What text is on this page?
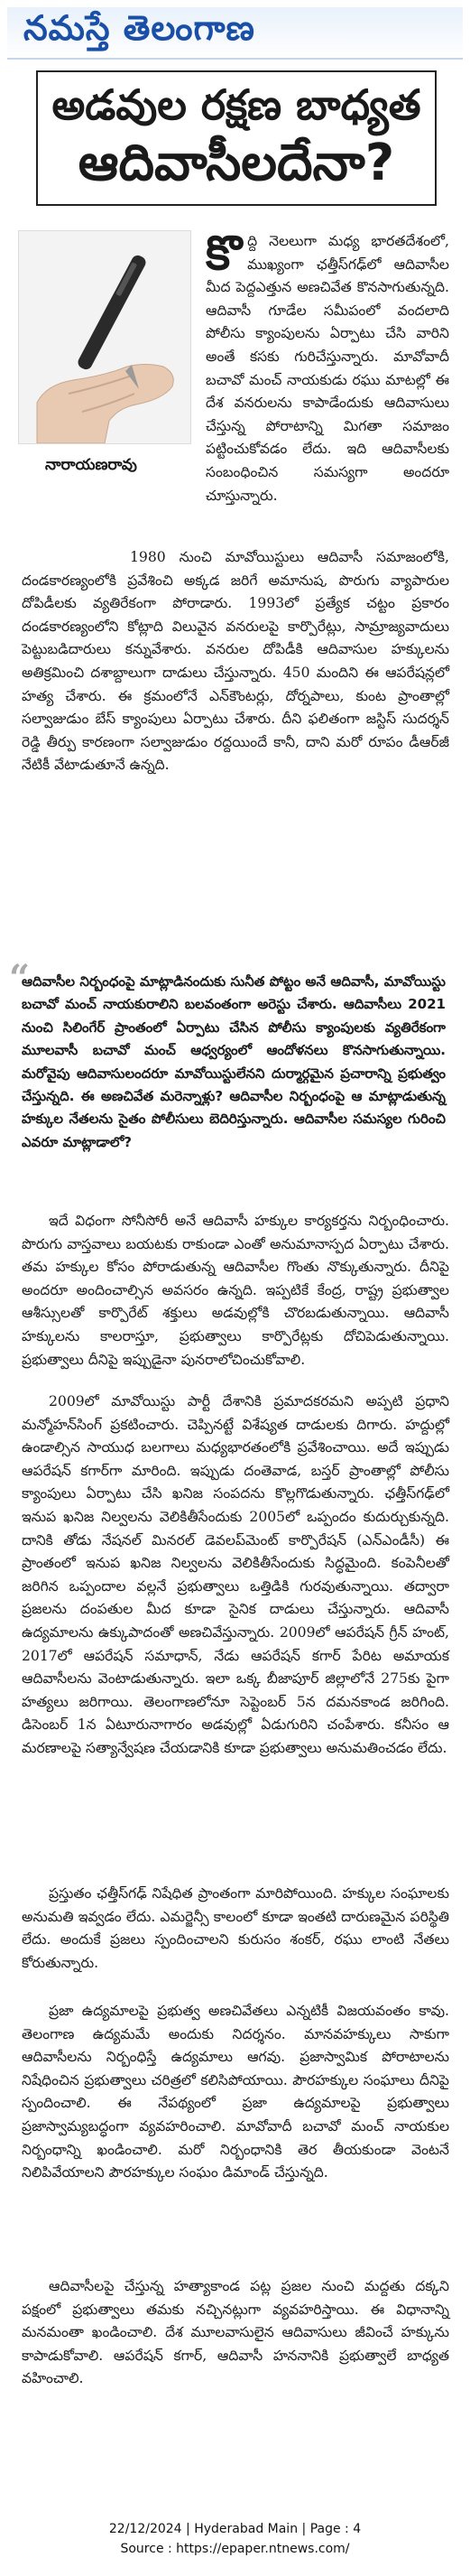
నమస్తే తెలంగాణ
అడవుల రక్షణ బాధ్యత
ఆదివాసీలదేనా?
నారాయణరావు

కొద్ది నెలలుగా మధ్య భారతదేశంలో, ముఖ్యంగా ఛత్తీస్‌గఢ్‌లో ఆదివాసీల మీద పెద్దఎత్తున అణచివేత కొనసాగుతున్నది. ఆదివాసీ గూడేల సమీపంలో వందలాది పోలీసు క్యాంపులను ఏర్పాటు చేసి వారిని అంతే కసకు గురిచేస్తున్నారు. మావోవాదీ బచావో మంచ్ నాయకుడు రఘు మాటల్లో ఈ దేశ వనరులను కాపాడేందుకు ఆదివాసులు చేస్తున్న పోరాటాన్ని మిగతా సమాజం పట్టించుకోవడం లేదు. ఇది ఆదివాసీలకు సంబంధించిన సమస్యగా అందరూ చూస్తున్నారు.

1980 నుంచి మావోయిస్టులు ఆదివాసీ సమాజంలోకి, దండకారణ్యంలోకి ప్రవేశించి అక్కడ జరిగే అమానుష, పొరుగు వ్యాపారుల దోపిడీలకు వ్యతిరేకంగా పోరాడారు. 1993లో ప్రత్యేక చట్టం ప్రకారం దండకారణ్యంలోని కోట్లాది విలువైన వనరులపై కార్పొరేట్లు, సామ్రాజ్యవాదులు పెట్టుబడిదారులు కన్నువేశారు. వనరుల దోపిడీకి ఆదివాసుల హక్కులను అతిక్రమించి దశాబ్దాలుగా దాడులు చేస్తున్నారు. 450 మందిని ఈ ఆపరేషన్లలో హత్య చేశారు. ఈ క్రమంలోనే ఎన్‌కౌంటర్లు, దోర్నపాలు, కుంట ప్రాంతాల్లో సల్వాజుడుం బేస్ క్యాంపులు ఏర్పాటు చేశారు. దీని ఫలితంగా జస్టిస్ సుదర్శన్ రెడ్డి తీర్పు కారణంగా సల్వాజుడుం రద్దయిందే కానీ, దాని మరో రూపం డీఆర్‌జీ నేటికీ వేటాడుతూనే ఉన్నది.

“
ఆదివాసీల నిర్బంధంపై మాట్లాడినందుకు సునీత పోట్టం అనే ఆదివాసీ, మావోయిస్టు బచావో మంచ్ నాయకురాలిని బలవంతంగా అరెస్టు చేశారు. ఆదివాసీలు 2021 నుంచి సిలింగేర్ ప్రాంతంలో ఏర్పాటు చేసిన పోలీసు క్యాంపులకు వ్యతిరేకంగా మూలవాసీ బచావో మంచ్ ఆధ్వర్యంలో ఆందోళనలు కొనసాగుతున్నాయి. మరోవైపు ఆదివాసులందరూ మావోయిస్టులేనని దుర్మార్గమైన ప్రచారాన్ని ప్రభుత్వం చేస్తున్నది. ఈ అణచివేత మరెన్నాళ్లు? ఆదివాసీల నిర్బంధంపై ఆ మాట్లాడుతున్న హక్కుల నేతలను సైతం పోలీసులు బెదిరిస్తున్నారు. ఆదివాసీల సమస్యల గురించి ఎవరూ మాట్లాడాలో?

ఇదే విధంగా సోనీసోరీ అనే ఆదివాసీ హక్కుల కార్యకర్తను నిర్బంధించారు. పొరుగు వాస్తవాలు బయటకు రాకుండా ఎంతో అనుమానాస్పద ఏర్పాటు చేశారు. తమ హక్కుల కోసం పోరాడుతున్న ఆదివాసీల గొంతు నొక్కుతున్నారు. దీనిపై అందరూ అందించాల్సిన అవసరం ఉన్నది. ఇప్పటికే కేంద్ర, రాష్ట్ర ప్రభుత్వాల ఆశీస్సులతో కార్పొరేట్ శక్తులు అడవుల్లోకి చొరబడుతున్నాయి. ఆదివాసీ హక్కులను కాలరాస్తూ, ప్రభుత్వాలు కార్పొరేట్లకు దోచిపెడుతున్నాయి. ప్రభుత్వాలు దీనిపై ఇప్పుడైనా పునరాలోచించుకోవాలి.

2009లో మావోయిస్టు పార్టీ దేశానికి ప్రమాదకరమని అప్పటి ప్రధాని మన్మోహన్‌సింగ్ ప్రకటించారు. చెప్పినట్టే విశేష్యత దాడులకు దిగారు. హద్దుల్లో ఉండాల్సిన సాయుధ బలగాలు మధ్యభారతంలోకి ప్రవేశించాయి. అదే ఇప్పుడు ఆపరేషన్ కగార్‌గా మారింది. ఇప్పుడు దంతెవాడ, బస్తర్ ప్రాంతాల్లో పోలీసు క్యాంపులు ఏర్పాటు చేసి ఖనిజ సంపదను కొల్లగొడుతున్నారు. ఛత్తీస్‌గఢ్‌లో ఇనుప ఖనిజ నిల్వలను వెలికితీసేందుకు 2005లో ఒప్పందం కుదుర్చుకున్నది. దానికి తోడు నేషనల్ మినరల్ డెవలప్‌మెంట్ కార్పొరేషన్ (ఎన్‌ఎండీసీ) ఈ ప్రాంతంలో ఇనుప ఖనిజ నిల్వలను వెలికితీసేందుకు సిద్ధమైంది. కంపెనీలతో జరిగిన ఒప్పందాల వల్లనే ప్రభుత్వాలు ఒత్తిడికి గురవుతున్నాయి. తద్వారా ప్రజలను దంపతుల మీద కూడా సైనిక దాడులు చేస్తున్నారు. ఆదివాసీ ఉద్యమాలను ఉక్కుపాదంతో అణచివేస్తున్నారు. 2009లో ఆపరేషన్ గ్రీన్ హంట్, 2017లో ఆపరేషన్ సమాధాన్, నేడు ఆపరేషన్ కగార్ పేరిట అమాయక ఆదివాసీలను వెంటాడుతున్నారు. ఇలా ఒక్క బీజాపూర్ జిల్లాలోనే 275కు పైగా హత్యలు జరిగాయి. తెలంగాణలోనూ సెప్టెంబర్ 5న దమనకాండ జరిగింది. డిసెంబర్ 1న ఏటూరునాగారం అడవుల్లో ఏడుగురిని చంపేశారు. కనీసం ఆ మరణాలపై సత్యాన్వేషణ చేయడానికి కూడా ప్రభుత్వాలు అనుమతించడం లేదు.

ప్రస్తుతం ఛత్తీస్‌గఢ్ నిషేధిత ప్రాంతంగా మారిపోయింది. హక్కుల సంఘాలకు అనుమతి ఇవ్వడం లేదు. ఎమర్జెన్సీ కాలంలో కూడా ఇంతటి దారుణమైన పరిస్థితి లేదు. అందుకే ప్రజలు స్పందించాలని కురుసం శంకర్, రఘు లాంటి నేతలు కోరుతున్నారు.

ప్రజా ఉద్యమాలపై ప్రభుత్వ అణచివేతలు ఎన్నటికీ విజయవంతం కావు. తెలంగాణ ఉద్యమమే అందుకు నిదర్శనం. మానవహక్కులు సాకుగా ఆదివాసీలను నిర్బంధిస్తే ఉద్యమాలు ఆగవు. ప్రజాస్వామిక పోరాటాలను నిషేధించిన ప్రభుత్వాలు చరిత్రలో కలిసిపోయాయి. పౌరహక్కుల సంఘాలు దీనిపై స్పందించాలి. ఈ నేపథ్యంలో ప్రజా ఉద్యమాలపై ప్రభుత్వాలు ప్రజాస్వామ్యబద్ధంగా వ్యవహరించాలి. మావోవాదీ బచావో మంచ్ నాయకుల నిర్బంధాన్ని ఖండించాలి. మరో నిర్బంధానికి తెర తీయకుండా వెంటనే నిలిపివేయాలని పౌరహక్కుల సంఘం డిమాండ్ చేస్తున్నది.

ఆదివాసీలపై చేస్తున్న హత్యాకాండ పట్ల ప్రజల నుంచి మద్దతు దక్కని పక్షంలో ప్రభుత్వాలు తమకు నచ్చినట్లుగా వ్యవహరిస్తాయి. ఈ విధానాన్ని మనమంతా ఖండించాలి. దేశ మూలవాసులైన ఆదివాసులు జీవించే హక్కును కాపాడుకోవాలి. ఆపరేషన్ కగార్, ఆదివాసీ హననానికి ప్రభుత్వాలే బాధ్యత వహించాలి.

22/12/2024 | Hyderabad Main | Page : 4
Source : https://epaper.ntnews.com/
